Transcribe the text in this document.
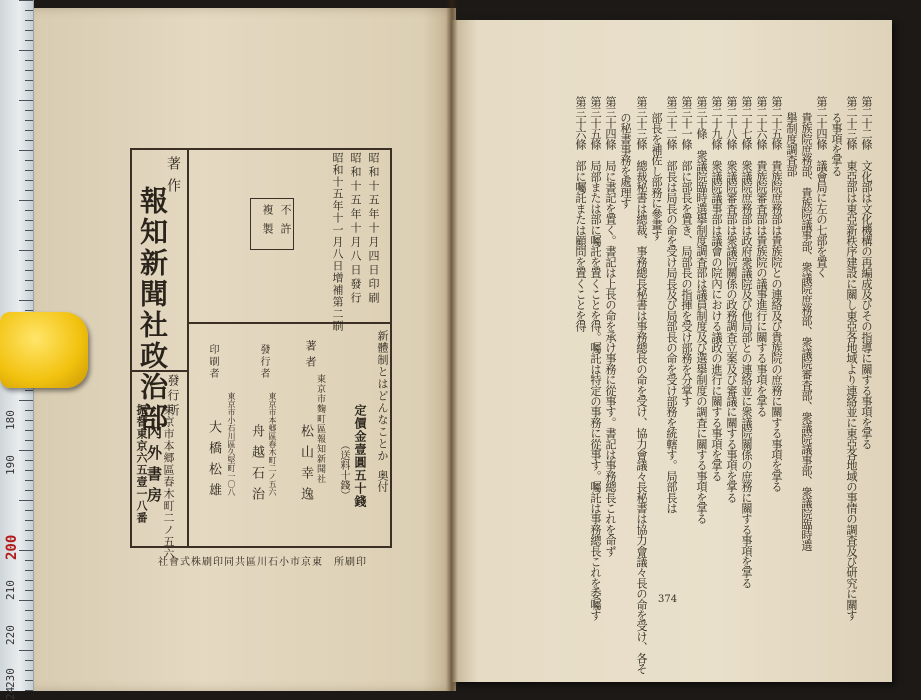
180
190
200
210
220
230
24
著作
報知新聞社政治部
發行所
東京市本郷區春木町二ノ五六
內外書房
振替東京六五壹一八番
昭和十五年十月四日印刷
昭和十五年十月八日發行
昭和十五年十一月八日增補第二刷
不許
複製
新體制とはどんなことか
奥付
定價金壹圓五十錢
（送料十錢）
著者
東京市麴町區報知新聞社
松山幸逸
發行者
東京市本郷區春木町二ノ五六
舟越石治
印刷者
東京市小石川區久堅町一〇八
大橋松雄
印刷所　東京市小石川區共同印刷株式會社
第二十二條　文化部は文化機構の再編成及びその指導に關する事項を掌る
第二十三條　東亞部は東亞新秩序建設に關し東亞各地域より連絡並に東亞各地域の事情の調査及び研究に關す
る事項を掌る
第二十四條　議會局に左の七部を置く
貴族院庶務部、貴族院議事部、衆議院庶務部、衆議院審査部、衆議院議事部、衆議院臨時選
擧制度調査部
第二十五條　貴族院庶務部は貴族院との連絡及び貴族院の庶務に關する事項を掌る
第二十六條　貴族院審査部は貴族院の議事進行に關する事項を掌る
第二十七條　衆議院庶務部は政府衆議院及び他局部との連絡並に衆議院關係の庶務に關する事項を掌る
第二十八條　衆議院審査部は衆議院關係の政務調査立案及び審議に關する事項を掌る
第二十九條　衆議院議事部は議會の院內における議政の進行に關する事項を掌る
第三十條　衆議院臨時選擧制度調査部は議員制度及び選擧制度の調査に關する事項を掌る
第三十一條　部に部長を置き、局部長の指揮を受け部務を分掌す
第三十二條　部長は局長の命を受け局長及び局部長の命を受け部務を統轄す。局部長は
部長を補佐し部務に參畫す
第三十三條　總裁秘書は總裁、事務總長秘書は事務總長の命を受け、協力會議々長秘書は協力會議々長の命を受け、各そ
の秘書事務を處理す
第三十四條　局に書記を置く。書記は上長の命を承け事務に從事す。書記は事務總長これを命ず
第三十五條　局部または部に囑託を置くことを得。囑託は特定の事務に從事す。囑託は事務總長これを委囑す
第三十六條　部に囑託または顧問を置くことを得
374
